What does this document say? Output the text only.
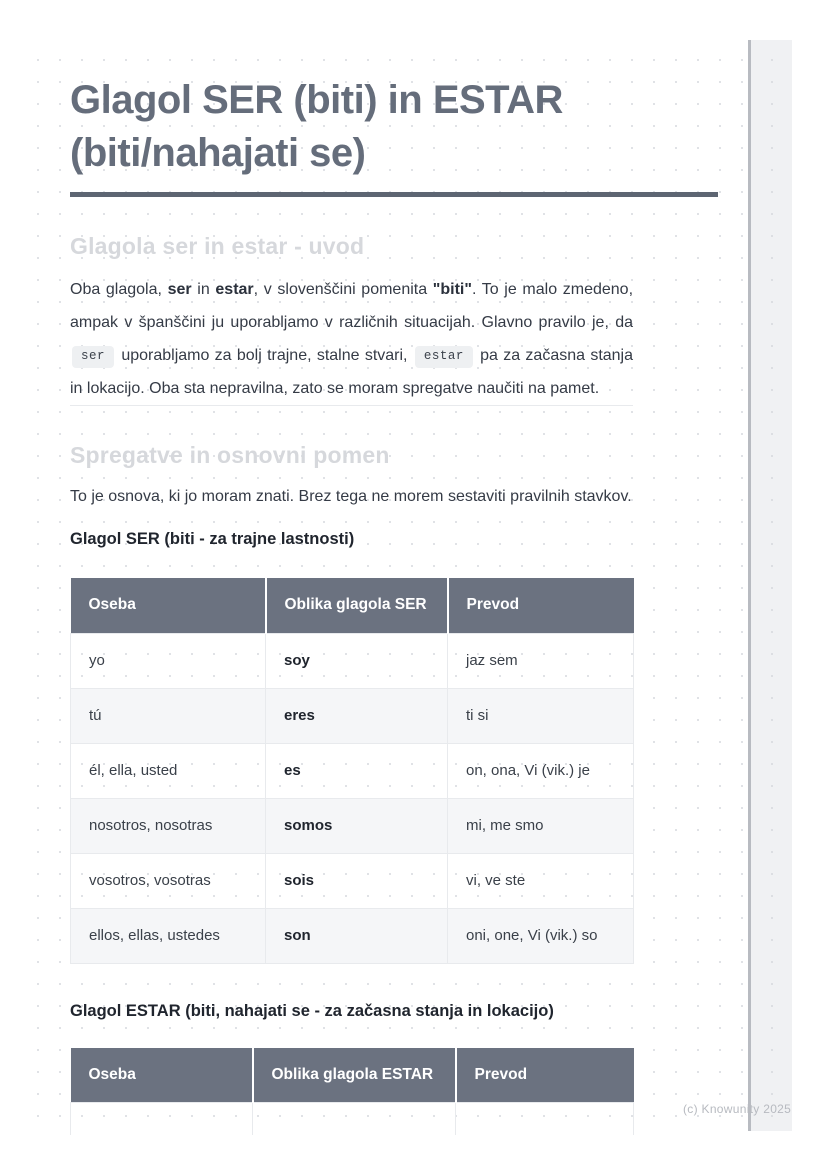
Glagol SER (biti) in ESTAR (biti/nahajati se)
Glagola ser in estar - uvod

Oba glagola, ser in estar, v slovenščini pomenita "biti". To je malo zmedeno, ampak v španščini ju uporabljamo v različnih situacijah. Glavno pravilo je, da ser uporabljamo za bolj trajne, stalne stvari, estar pa za začasna stanja in lokacijo. Oba sta nepravilna, zato se moram spregatve naučiti na pamet.

Spregatve in osnovni pomen

To je osnova, ki jo moram znati. Brez tega ne morem sestaviti pravilnih stavkov.

Glagol SER (biti - za trajne lastnosti)
Oseba	Oblika glagola SER	Prevod
yo	soy	jaz sem
tú	eres	ti si
él, ella, usted	es	on, ona, Vi (vik.) je
nosotros, nosotras	somos	mi, me smo
vosotros, vosotras	sois	vi, ve ste
ellos, ellas, ustedes	son	oni, one, Vi (vik.) so
Glagol ESTAR (biti, nahajati se - za začasna stanja in lokacijo)
Oseba	Oblika glagola ESTAR	Prevod

(c) Knowunity 2025
